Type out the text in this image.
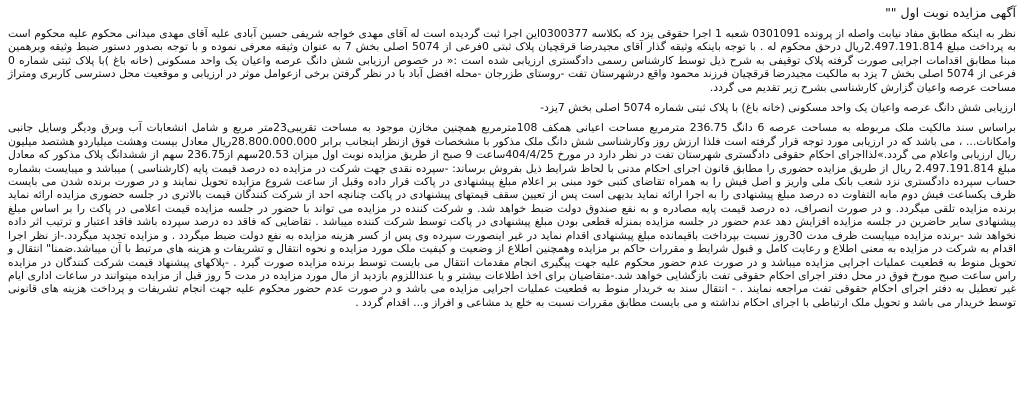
آگهی مزایده نوبت اول ""

نظر به اینکه مطابق مفاد نیابت واصله از پرونده 0301091 شعبه 1 اجرا حقوقی یزد که بکلاسه 0300377این اجرا ثبت گردیده است له آقای مهدی خواجه شریفی حسین آبادی علیه آقای مهدی میدانی محکوم علیه محکوم است به پرداخت مبلغ 2.497.191.814ریال درحق محکوم له . با توجه باینکه وثیقه گذار آقای مجیدرضا قرقچیان پلاک ثبتی 0فرعی از 5074 اصلی بخش 7 به عنوان وثیقه معرفی نموده و با توجه بصدور دستور ضبط وثیقه وبرهمین مبنا مطابق اقدامات اجرایی صورت گرفته پلاک توقیفی به شرح ذیل توسط کارشناس رسمی دادگستری ارزیابی شده است :« در خصوص ارزیابی شش دانگ عرصه واعیان یک واحد مسکونی (خانه باغ )با پلاک ثبتی شماره 0 فرعی از 5074 اصلی بخش 7 یزد به مالکیت مجیدرضا قرقچیان فرزند محمود واقع درشهرستان تفت -روستای طزرجان -محله افضل آباد با در نظر گرفتن برخی ازعوامل موثر در ارزیابی و موقعیت محل دسترسی کاربری ومتراژ مساحت عرصه واعیان گزارش کارشناسی بشرح زیر تقدیم می گردد.

ارزیابی شش دانگ عرصه واعیان یک واحد مسکونی (خانه باغ) با پلاک ثبتی شماره 5074 اصلی بخش 7یزد-

براساس سند مالکیت ملک مربوطه به مساحت عرصه 6 دانگ 236.75 مترمربع مساحت اعیانی همکف 108مترمربع همچنین مخازن موجود به مساحت تقریبی23متر مربع و شامل انشعابات آب وبرق ودیگر وسایل جانبی وامکانات... ، می باشد که در ارزیابی مورد توجه قرار گرفته است فلذا ارزش روز وکارشناسی شش دانگ ملک مذکور با مشخصات فوق ازنظر اینجانب برابر 28.800.000.000ریال معادل بیست وهشت میلیاردو هشتصد میلیون ریال ارزیابی واعلام می گردد.»لذااجرای احکام حقوقی دادگستری شهرستان تفت در نظر دارد در مورخ 404/4/25ساعت 9 صبح از طریق مزایده نوبت اول میزان 20.53سهم از236.75 سهم از ششدانگ پلاک مذکور که معادل مبلغ 2.497.191.814 ریال از طریق مزایده حضوری را مطابق قانون اجرای احکام مدنی با لحاظ شرایط ذیل بفروش برساند: -سپرده نقدی جهت شرکت در مزایده ده درصد قیمت پایه (کارشناسی ) میباشد و میبایست بشماره حساب سپرده دادگستری نزد شعب بانک ملی واریز و اصل فیش را به همراه تقاضای کتبی خود مبنی بر اعلام مبلغ پیشنهادی در پاکت قرار داده وقبل از ساعت شروع مزایده تحویل نمایند و در صورت برنده شدن می بایست ظرف یکساعت فیش دوم مابه التفاوت ده درصد مبلغ پیشنهادی را به اجرا ارائه نماید بدیهی است پس از تعیین سقف قیمتهای پیشنهادی در پاکت چنانچه احد از شرکت کنندگان قیمت بالاتری در جلسه حضوری مزایده ارائه نماید برنده مزایده تلقی میگردد. و در صورت انصراف، ده درصد قیمت پایه مصادره و به نفع صندوق دولت ضبط خواهد شد. و شرکت کننده در مزایده می تواند با حضور در جلسه مزایده قیمت اعلامی در پاکت را بر اساس مبلغ پیشنهادی سایر حاضرین در جلسه مزایده افزایش دهد عدم حضور در جلسه مزایده بمنزله قطعی بودن مبلغ پیشنهادی در پاکت توسط شرکت کننده میباشد . تقاضایی که فاقد ده درصد سپرده باشد فاقد اعتبار و ترتیب اثر داده نخواهد شد -برنده مزایده میبایست ظرف مدت 30روز نسبت بپرداخت باقیمانده مبلغ پیشنهادی اقدام نماید در غیر اینصورت سپرده وی پس از کسر هزینه مزایده به نفع دولت ضبط میگردد . و مزایده تجدید میگردد.-از نظر اجرا اقدام به شرکت در مزایده به معنی اطلاع و رعایت کامل و قبول شرایط و مقررات حاکم بر مزایده وهمچنین اطلاع از وضعیت و کیفیت ملک مورد مزایده و نحوه انتقال و تشریفات و هزینه های مرتبط با آن میباشد.ضمنا" انتقال و تحویل منوط به قطعیت عملیات اجرایی مزایده میباشد و در صورت عدم حضور محکوم علیه جهت پیگیری انجام مقدمات انتقال می بایست توسط برنده مزایده صورت گیرد . -پلاکهای پیشنهاد قیمت شرکت کنندگان در مزایده راس ساعت صبح مورخ فوق در محل دفتر اجرای احکام حقوقی تفت بازگشایی خواهد شد.-متقاضیان برای اخذ اطلاعات بیشتر و یا عنداللزوم بازدید از مال مورد مزایده در مدت 5 روز قبل از مزایده میتوانند در ساعات اداری ایام غیر تعطیل به دفتر اجرای احکام حقوقی تفت مراجعه نمایند . - انتقال سند به خریدار منوط به قطعیت عملیات اجرایی مزایده می باشد و در صورت عدم حضور محکوم علیه جهت انجام تشریفات و پرداخت هزینه های قانونی توسط خریدار می باشد و تحویل ملک ارتباطی با اجرای احکام نداشته و می بایست مطابق مقررات نسبت به خلع ید مشاعی و افراز و... اقدام گردد .
